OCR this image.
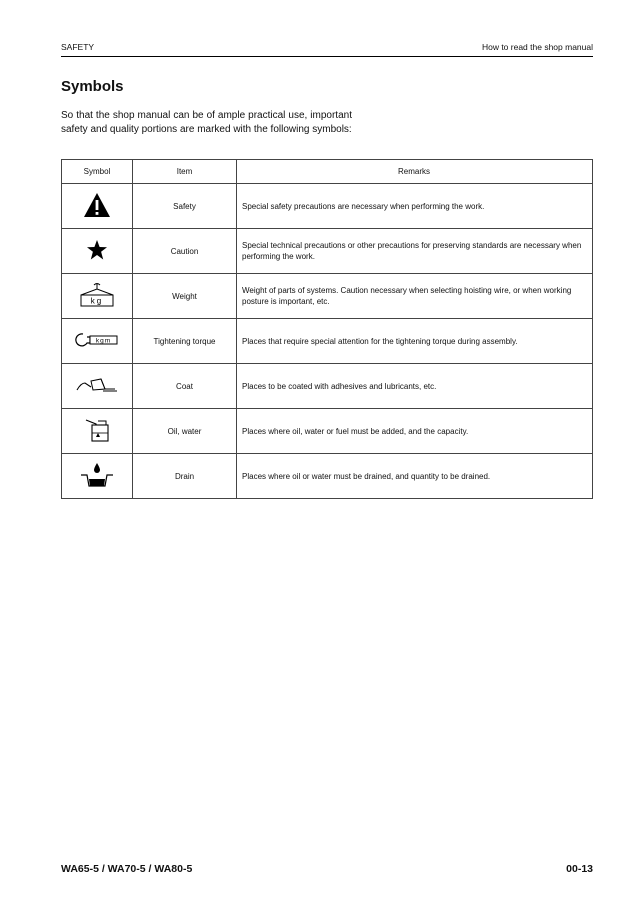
SAFETY	How to read the shop manual
Symbols

So that the shop manual can be of ample practical use, important safety and quality portions are marked with the following symbols:

Symbol	Item	Remarks
	Safety	Special safety precautions are necessary when performing the work.
	Caution	Special technical precautions or other precautions for preserving standards are necessary when performing the work.

kg	Weight	Weight of parts of systems. Caution necessary when selecting hoisting wire, or when working posture is important, etc.

kgm	Tightening torque	Places that require special attention for the tightening torque during assembly.
	Coat	Places to be coated with adhesives and lubricants, etc.
	Oil, water	Places where oil, water or fuel must be added, and the capacity.
	Drain	Places where oil or water must be drained, and quantity to be drained.
WA65-5 / WA70-5 / WA80-5	00-13
